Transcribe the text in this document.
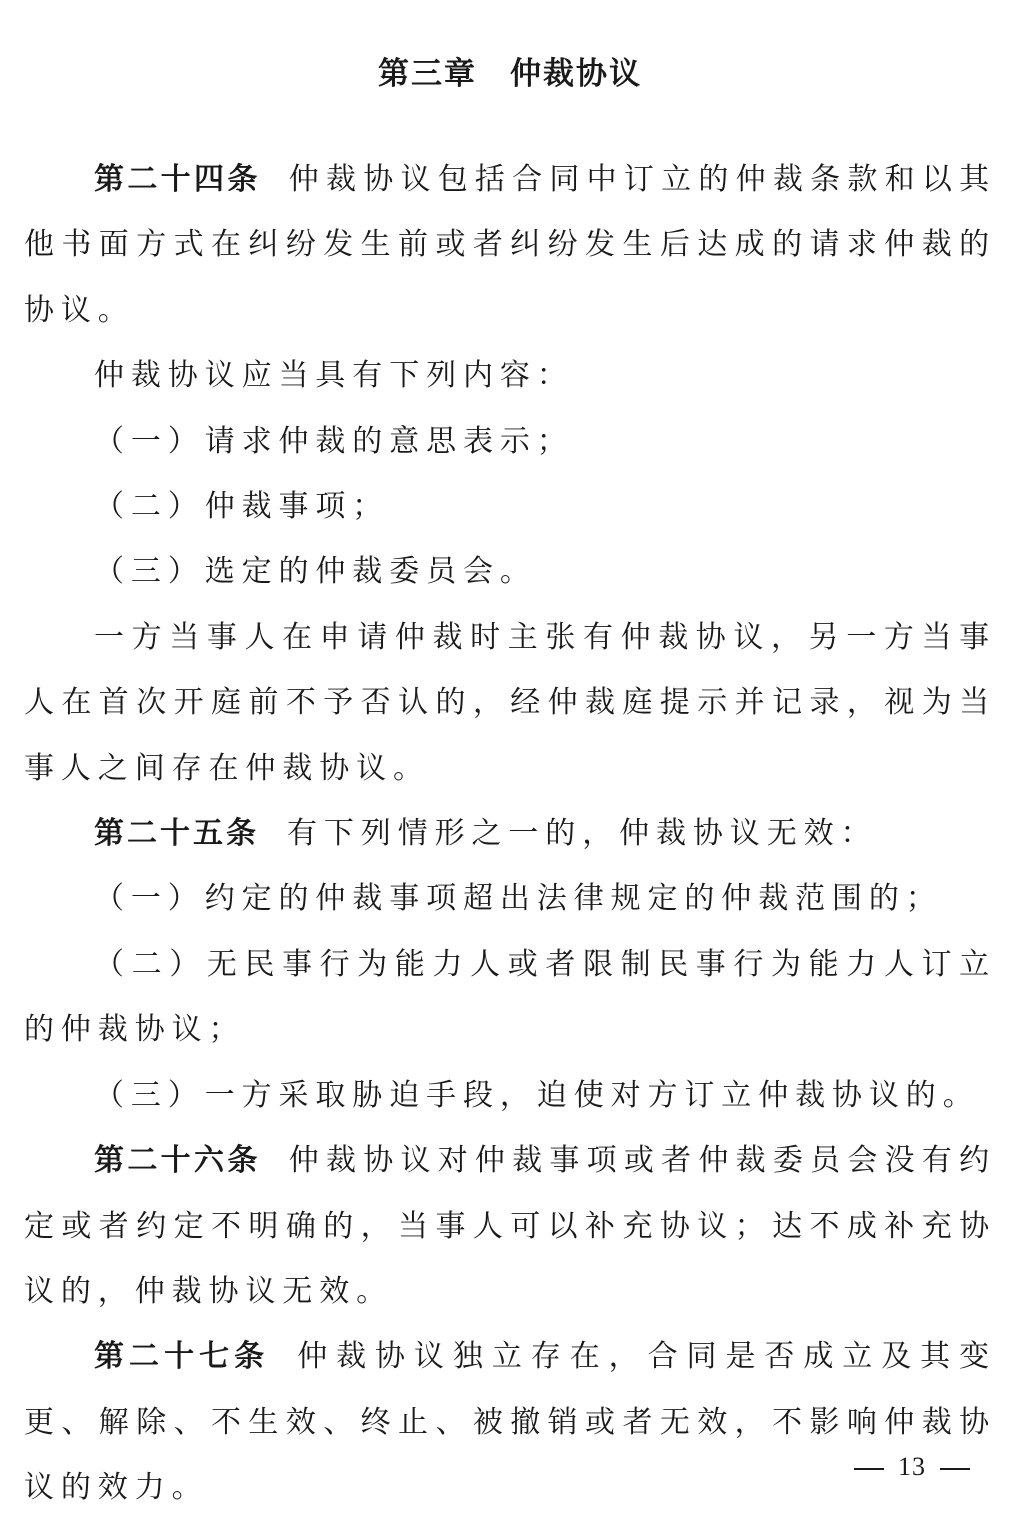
第三章　仲裁协议

第二十四条 仲裁协议包括合同中订立的仲裁条款和以其他书面方式在纠纷发生前或者纠纷发生后达成的请求仲裁的协议。

仲裁协议应当具有下列内容：

（一）请求仲裁的意思表示；

（二）仲裁事项；

（三）选定的仲裁委员会。

一方当事人在申请仲裁时主张有仲裁协议，另一方当事人在首次开庭前不予否认的，经仲裁庭提示并记录，视为当事人之间存在仲裁协议。

第二十五条 有下列情形之一的，仲裁协议无效：

（一）约定的仲裁事项超出法律规定的仲裁范围的；

（二）无民事行为能力人或者限制民事行为能力人订立的仲裁协议；

（三）一方采取胁迫手段，迫使对方订立仲裁协议的。

第二十六条 仲裁协议对仲裁事项或者仲裁委员会没有约定或者约定不明确的，当事人可以补充协议；达不成补充协议的，仲裁协议无效。

第二十七条 仲裁协议独立存在，合同是否成立及其变更、解除、不生效、终止、被撤销或者无效，不影响仲裁协议的效力。

13
